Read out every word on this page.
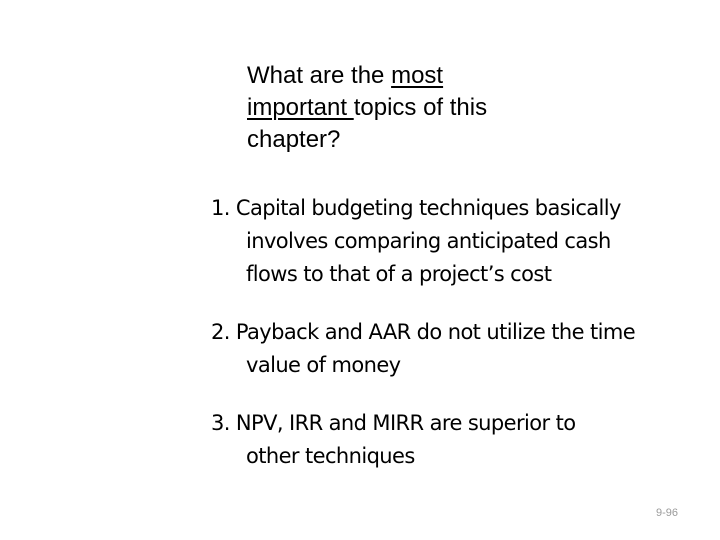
What are the most
important topics of this
chapter?
1. Capital budgeting techniques basically
involves comparing anticipated cash
flows to that of a project’s cost
2. Payback and AAR do not utilize the time
value of money
3. NPV, IRR and MIRR are superior to
other techniques
9-96
